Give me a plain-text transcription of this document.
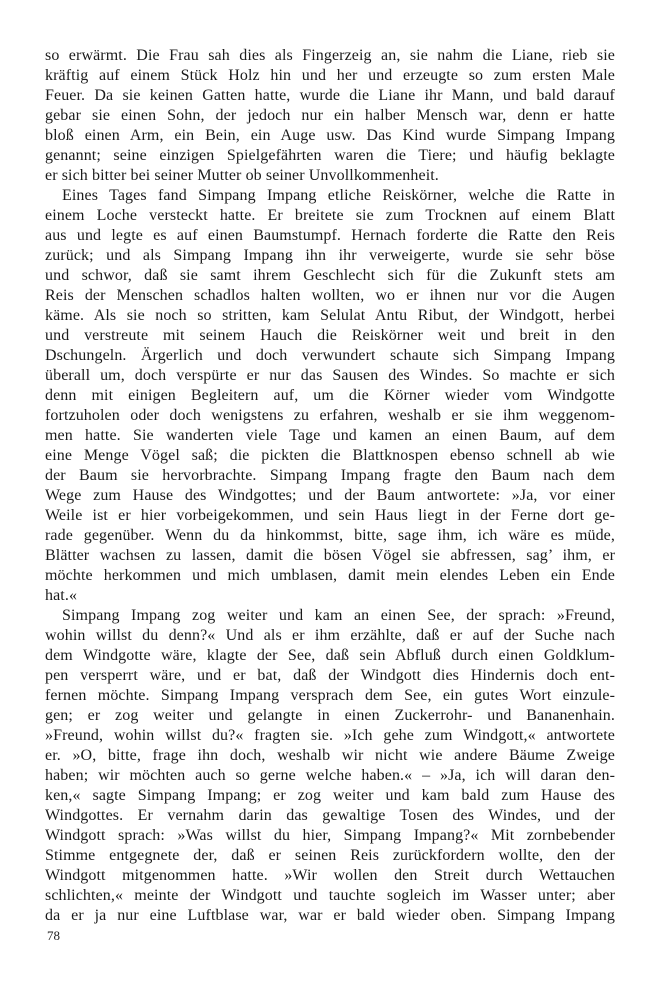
so erwärmt. Die Frau sah dies als Fingerzeig an, sie nahm die Liane, rieb sie
kräftig auf einem Stück Holz hin und her und erzeugte so zum ersten Male
Feuer. Da sie keinen Gatten hatte, wurde die Liane ihr Mann, und bald darauf
gebar sie einen Sohn, der jedoch nur ein halber Mensch war, denn er hatte
bloß einen Arm, ein Bein, ein Auge usw. Das Kind wurde Simpang Impang
genannt; seine einzigen Spielgefährten waren die Tiere; und häufig beklagte
er sich bitter bei seiner Mutter ob seiner Unvollkommenheit.
Eines Tages fand Simpang Impang etliche Reiskörner, welche die Ratte in
einem Loche versteckt hatte. Er breitete sie zum Trocknen auf einem Blatt
aus und legte es auf einen Baumstumpf. Hernach forderte die Ratte den Reis
zurück; und als Simpang Impang ihn ihr verweigerte, wurde sie sehr böse
und schwor, daß sie samt ihrem Geschlecht sich für die Zukunft stets am
Reis der Menschen schadlos halten wollten, wo er ihnen nur vor die Augen
käme. Als sie noch so stritten, kam Selulat Antu Ribut, der Windgott, herbei
und verstreute mit seinem Hauch die Reiskörner weit und breit in den
Dschungeln. Ärgerlich und doch verwundert schaute sich Simpang Impang
überall um, doch verspürte er nur das Sausen des Windes. So machte er sich
denn mit einigen Begleitern auf, um die Körner wieder vom Windgotte
fortzuholen oder doch wenigstens zu erfahren, weshalb er sie ihm weggenom-
men hatte. Sie wanderten viele Tage und kamen an einen Baum, auf dem
eine Menge Vögel saß; die pickten die Blattknospen ebenso schnell ab wie
der Baum sie hervorbrachte. Simpang Impang fragte den Baum nach dem
Wege zum Hause des Windgottes; und der Baum antwortete: »Ja, vor einer
Weile ist er hier vorbeigekommen, und sein Haus liegt in der Ferne dort ge-
rade gegenüber. Wenn du da hinkommst, bitte, sage ihm, ich wäre es müde,
Blätter wachsen zu lassen, damit die bösen Vögel sie abfressen, sag’ ihm, er
möchte herkommen und mich umblasen, damit mein elendes Leben ein Ende
hat.«
Simpang Impang zog weiter und kam an einen See, der sprach: »Freund,
wohin willst du denn?« Und als er ihm erzählte, daß er auf der Suche nach
dem Windgotte wäre, klagte der See, daß sein Abfluß durch einen Goldklum-
pen versperrt wäre, und er bat, daß der Windgott dies Hindernis doch ent-
fernen möchte. Simpang Impang versprach dem See, ein gutes Wort einzule-
gen; er zog weiter und gelangte in einen Zuckerrohr- und Bananenhain.
»Freund, wohin willst du?« fragten sie. »Ich gehe zum Windgott,« antwortete
er. »O, bitte, frage ihn doch, weshalb wir nicht wie andere Bäume Zweige
haben; wir möchten auch so gerne welche haben.« – »Ja, ich will daran den-
ken,« sagte Simpang Impang; er zog weiter und kam bald zum Hause des
Windgottes. Er vernahm darin das gewaltige Tosen des Windes, und der
Windgott sprach: »Was willst du hier, Simpang Impang?« Mit zornbebender
Stimme entgegnete der, daß er seinen Reis zurückfordern wollte, den der
Windgott mitgenommen hatte. »Wir wollen den Streit durch Wettauchen
schlichten,« meinte der Windgott und tauchte sogleich im Wasser unter; aber
da er ja nur eine Luftblase war, war er bald wieder oben. Simpang Impang
78
